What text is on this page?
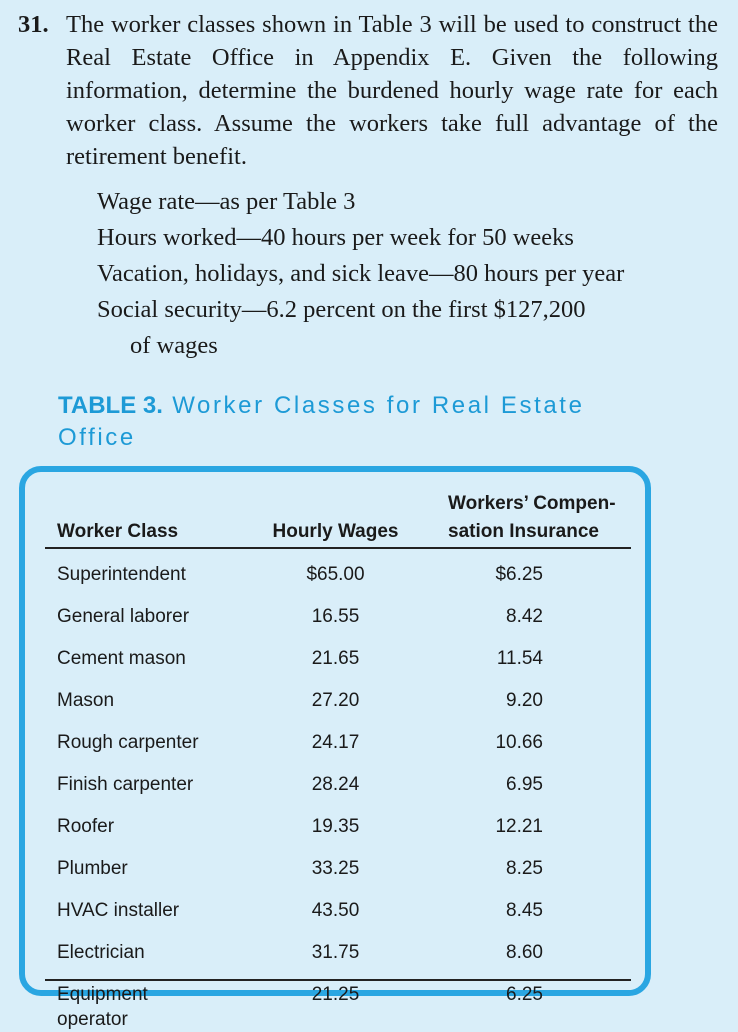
31. The worker classes shown in Table 3 will be used to construct the Real Estate Office in Appendix E. Given the following information, determine the burdened hourly wage rate for each worker class. Assume the workers take full advantage of the retirement benefit.
Wage rate—as per Table 3
Hours worked—40 hours per week for 50 weeks
Vacation, holidays, and sick leave—80 hours per year
Social security—6.2 percent on the first $127,200
of wages
TABLE 3. Worker Classes for Real Estate Office
Worker Class	Hourly Wages	Workers’ Compen-
sation Insurance

Superintendent	$65.00	$6.25
General laborer	16.55	8.42
Cement mason	21.65	11.54
Mason	27.20	9.20
Rough carpenter	24.17	10.66
Finish carpenter	28.24	6.95
Roofer	19.35	12.21
Plumber	33.25	8.25
HVAC installer	43.50	8.45
Electrician	31.75	8.60
Equipment operator	21.25	6.25
